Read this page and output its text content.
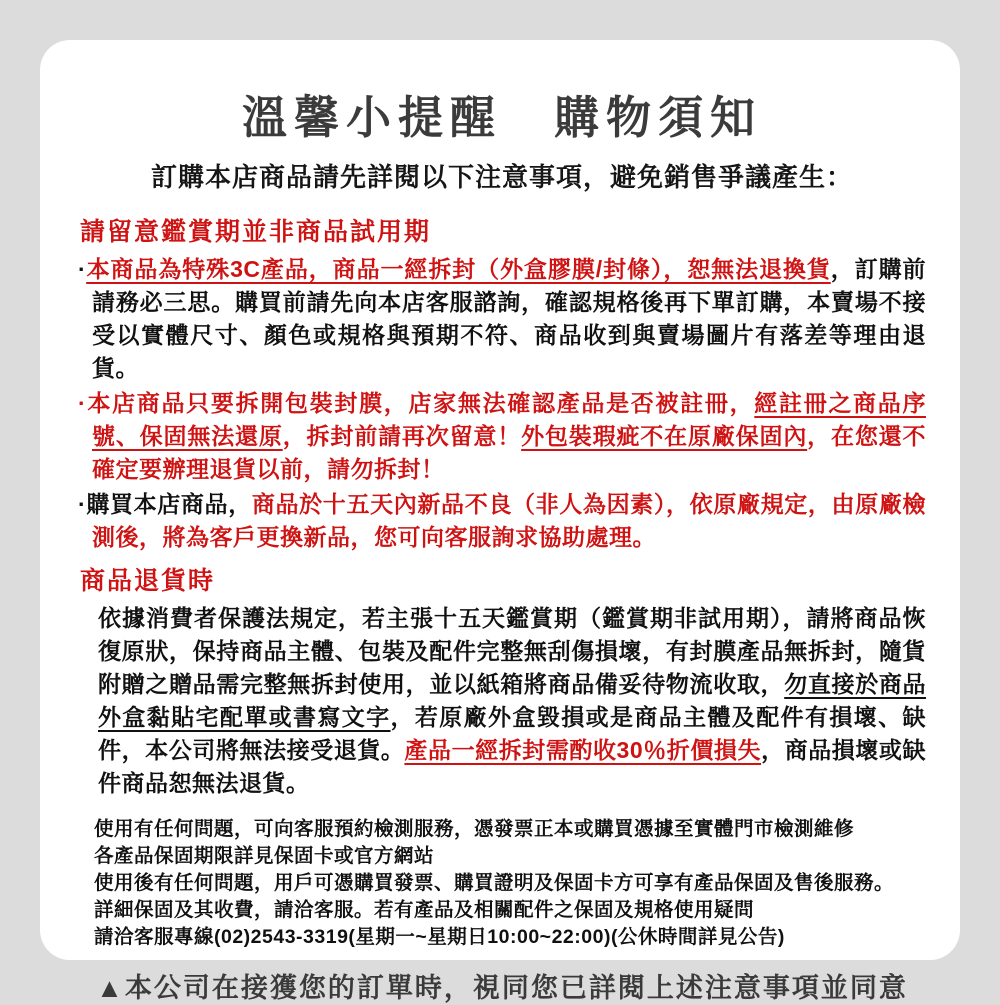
溫馨小提醒　購物須知
訂購本店商品請先詳閱以下注意事項，避免銷售爭議產生：
請留意鑑賞期並非商品試用期
·本商品為特殊3C產品，商品一經拆封（外盒膠膜/封條），恕無法退換貨，訂購前請務必三思。購買前請先向本店客服諮詢，確認規格後再下單訂購，本賣場不接受以實體尺寸、顏色或規格與預期不符、商品收到與賣場圖片有落差等理由退貨。
·本店商品只要拆開包裝封膜，店家無法確認產品是否被註冊，經註冊之商品序號、保固無法還原，拆封前請再次留意！外包裝瑕疵不在原廠保固內，在您還不確定要辦理退貨以前，請勿拆封！
·購買本店商品，商品於十五天內新品不良（非人為因素），依原廠規定，由原廠檢測後，將為客戶更換新品，您可向客服詢求協助處理。
商品退貨時
依據消費者保護法規定，若主張十五天鑑賞期（鑑賞期非試用期），請將商品恢復原狀，保持商品主體、包裝及配件完整無刮傷損壞，有封膜產品無拆封，隨貨附贈之贈品需完整無拆封使用，並以紙箱將商品備妥待物流收取，勿直接於商品外盒黏貼宅配單或書寫文字，若原廠外盒毀損或是商品主體及配件有損壞、缺件，本公司將無法接受退貨。產品一經拆封需酌收30％折價損失，商品損壞或缺件商品恕無法退貨。
使用有任何問題，可向客服預約檢測服務，憑發票正本或購買憑據至實體門市檢測維修
各產品保固期限詳見保固卡或官方網站
使用後有任何問題，用戶可憑購買發票、購買證明及保固卡方可享有產品保固及售後服務。
詳細保固及其收費，請洽客服。若有產品及相關配件之保固及規格使用疑問
請洽客服專線(02)2543-3319(星期一~星期日10:00~22:00)(公休時間詳見公告)
▲本公司在接獲您的訂單時，視同您已詳閱上述注意事項並同意
